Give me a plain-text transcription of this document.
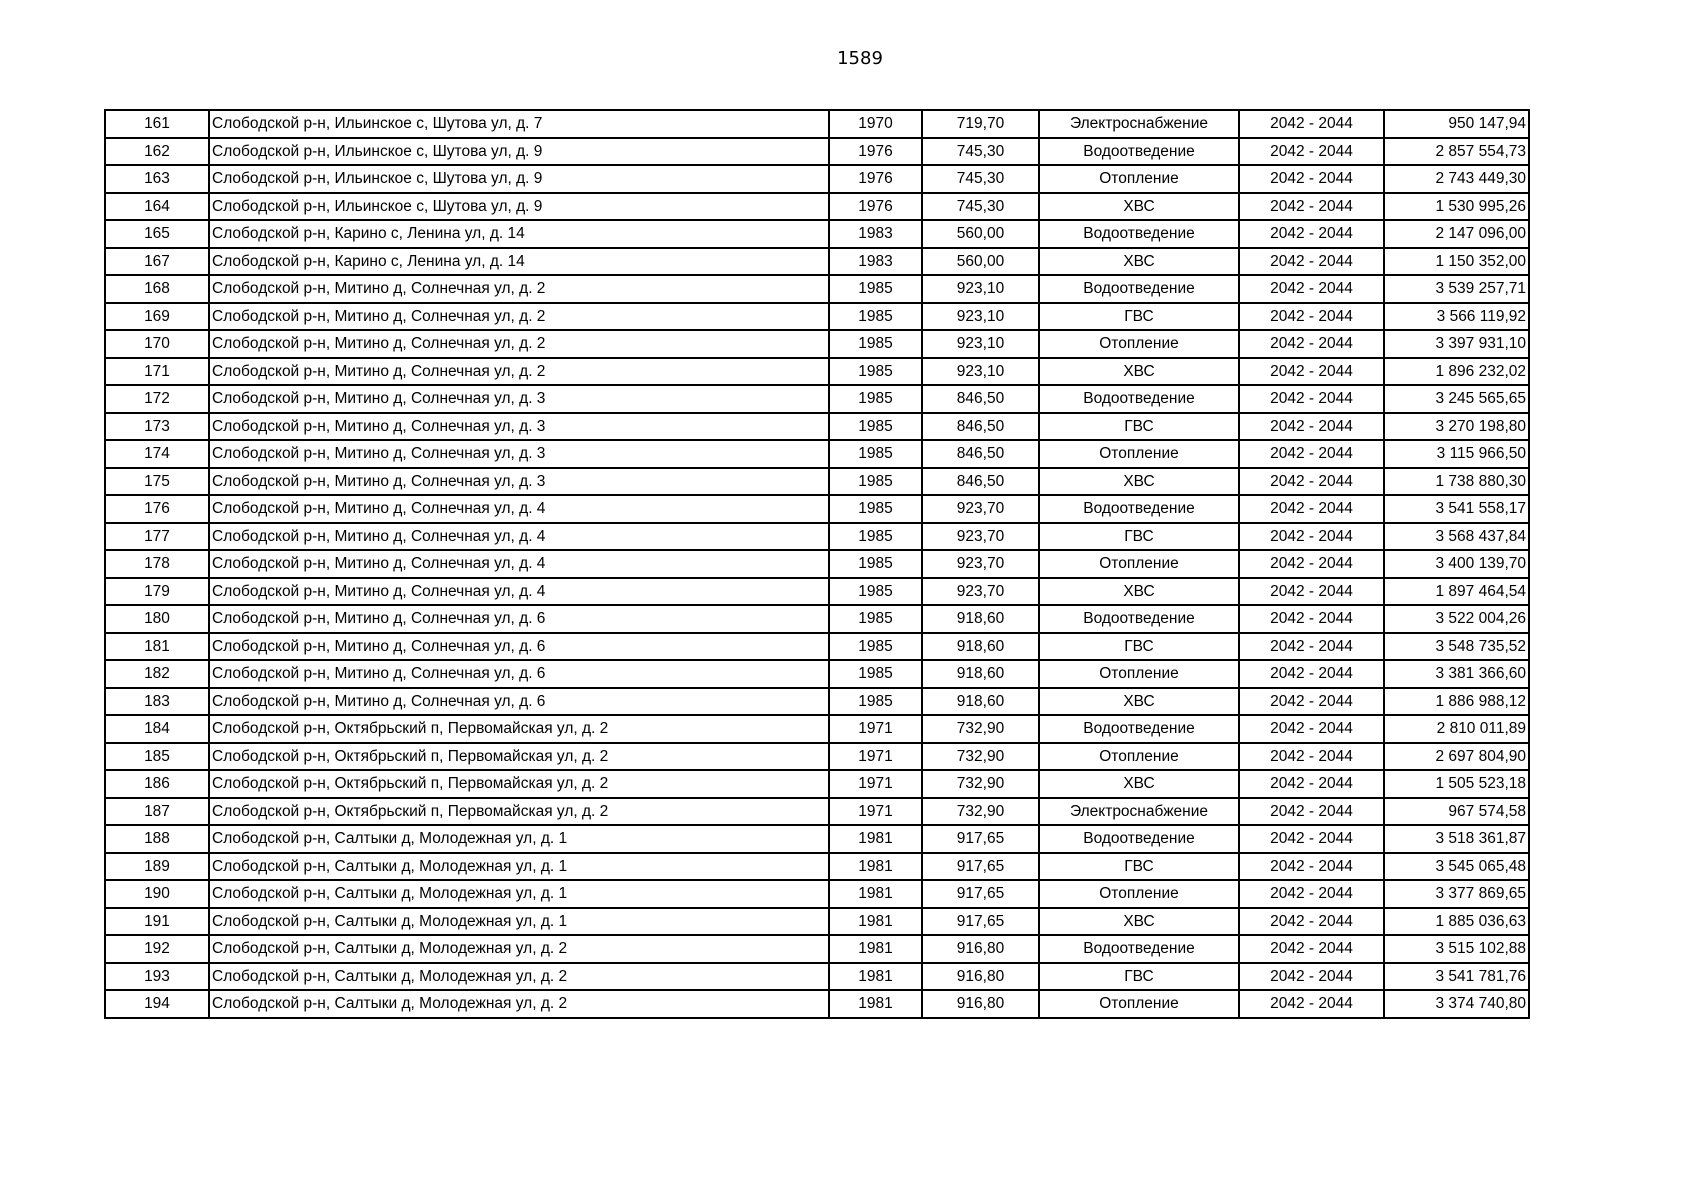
1589
161	Слободской р-н, Ильинское с, Шутова ул, д. 7	1970	719,70	Электроснабжение	2042 - 2044	950 147,94
162	Слободской р-н, Ильинское с, Шутова ул, д. 9	1976	745,30	Водоотведение	2042 - 2044	2 857 554,73
163	Слободской р-н, Ильинское с, Шутова ул, д. 9	1976	745,30	Отопление	2042 - 2044	2 743 449,30
164	Слободской р-н, Ильинское с, Шутова ул, д. 9	1976	745,30	ХВС	2042 - 2044	1 530 995,26
165	Слободской р-н, Карино с, Ленина ул, д. 14	1983	560,00	Водоотведение	2042 - 2044	2 147 096,00
167	Слободской р-н, Карино с, Ленина ул, д. 14	1983	560,00	ХВС	2042 - 2044	1 150 352,00
168	Слободской р-н, Митино д, Солнечная ул, д. 2	1985	923,10	Водоотведение	2042 - 2044	3 539 257,71
169	Слободской р-н, Митино д, Солнечная ул, д. 2	1985	923,10	ГВС	2042 - 2044	3 566 119,92
170	Слободской р-н, Митино д, Солнечная ул, д. 2	1985	923,10	Отопление	2042 - 2044	3 397 931,10
171	Слободской р-н, Митино д, Солнечная ул, д. 2	1985	923,10	ХВС	2042 - 2044	1 896 232,02
172	Слободской р-н, Митино д, Солнечная ул, д. 3	1985	846,50	Водоотведение	2042 - 2044	3 245 565,65
173	Слободской р-н, Митино д, Солнечная ул, д. 3	1985	846,50	ГВС	2042 - 2044	3 270 198,80
174	Слободской р-н, Митино д, Солнечная ул, д. 3	1985	846,50	Отопление	2042 - 2044	3 115 966,50
175	Слободской р-н, Митино д, Солнечная ул, д. 3	1985	846,50	ХВС	2042 - 2044	1 738 880,30
176	Слободской р-н, Митино д, Солнечная ул, д. 4	1985	923,70	Водоотведение	2042 - 2044	3 541 558,17
177	Слободской р-н, Митино д, Солнечная ул, д. 4	1985	923,70	ГВС	2042 - 2044	3 568 437,84
178	Слободской р-н, Митино д, Солнечная ул, д. 4	1985	923,70	Отопление	2042 - 2044	3 400 139,70
179	Слободской р-н, Митино д, Солнечная ул, д. 4	1985	923,70	ХВС	2042 - 2044	1 897 464,54
180	Слободской р-н, Митино д, Солнечная ул, д. 6	1985	918,60	Водоотведение	2042 - 2044	3 522 004,26
181	Слободской р-н, Митино д, Солнечная ул, д. 6	1985	918,60	ГВС	2042 - 2044	3 548 735,52
182	Слободской р-н, Митино д, Солнечная ул, д. 6	1985	918,60	Отопление	2042 - 2044	3 381 366,60
183	Слободской р-н, Митино д, Солнечная ул, д. 6	1985	918,60	ХВС	2042 - 2044	1 886 988,12
184	Слободской р-н, Октябрьский п, Первомайская ул, д. 2	1971	732,90	Водоотведение	2042 - 2044	2 810 011,89
185	Слободской р-н, Октябрьский п, Первомайская ул, д. 2	1971	732,90	Отопление	2042 - 2044	2 697 804,90
186	Слободской р-н, Октябрьский п, Первомайская ул, д. 2	1971	732,90	ХВС	2042 - 2044	1 505 523,18
187	Слободской р-н, Октябрьский п, Первомайская ул, д. 2	1971	732,90	Электроснабжение	2042 - 2044	967 574,58
188	Слободской р-н, Салтыки д, Молодежная ул, д. 1	1981	917,65	Водоотведение	2042 - 2044	3 518 361,87
189	Слободской р-н, Салтыки д, Молодежная ул, д. 1	1981	917,65	ГВС	2042 - 2044	3 545 065,48
190	Слободской р-н, Салтыки д, Молодежная ул, д. 1	1981	917,65	Отопление	2042 - 2044	3 377 869,65
191	Слободской р-н, Салтыки д, Молодежная ул, д. 1	1981	917,65	ХВС	2042 - 2044	1 885 036,63
192	Слободской р-н, Салтыки д, Молодежная ул, д. 2	1981	916,80	Водоотведение	2042 - 2044	3 515 102,88
193	Слободской р-н, Салтыки д, Молодежная ул, д. 2	1981	916,80	ГВС	2042 - 2044	3 541 781,76
194	Слободской р-н, Салтыки д, Молодежная ул, д. 2	1981	916,80	Отопление	2042 - 2044	3 374 740,80
